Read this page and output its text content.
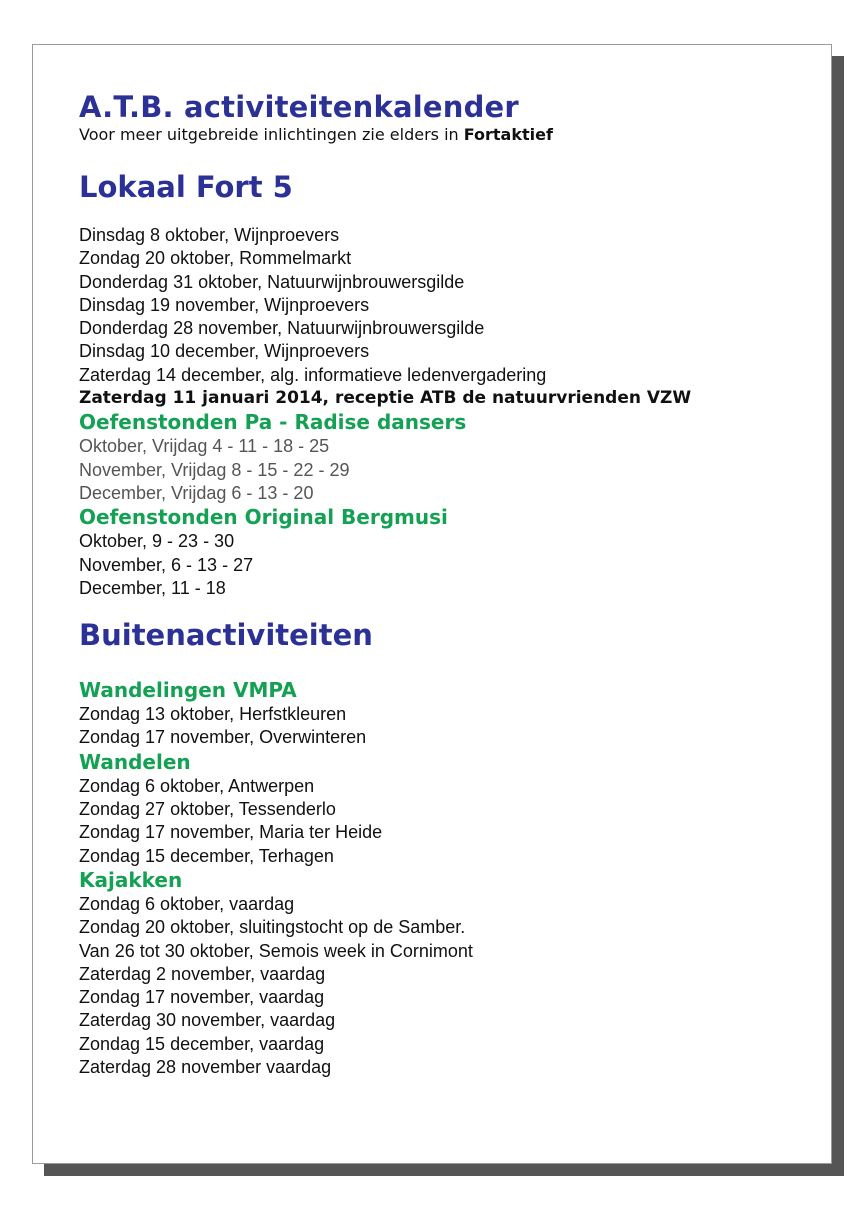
A.T.B. activiteitenkalender

Voor meer uitgebreide inlichtingen zie elders in Fortaktief

Lokaal Fort 5

Dinsdag 8 oktober, Wijnproevers

Zondag 20 oktober, Rommelmarkt

Donderdag 31 oktober, Natuurwijnbrouwersgilde

Dinsdag 19 november, Wijnproevers

Donderdag 28 november, Natuurwijnbrouwersgilde

Dinsdag 10 december, Wijnproevers

Zaterdag 14 december, alg. informatieve ledenvergadering

Zaterdag 11 januari 2014, receptie ATB de natuurvrienden VZW

Oefenstonden Pa - Radise dansers

Oktober, Vrijdag 4 - 11 - 18 - 25

November, Vrijdag 8 - 15 - 22 - 29

December, Vrijdag 6 - 13 - 20

Oefenstonden Original Bergmusi

Oktober, 9 - 23 - 30

November, 6 - 13 - 27

December, 11 - 18

Buitenactiviteiten
Wandelingen VMPA

Zondag 13 oktober, Herfstkleuren

Zondag 17 november, Overwinteren

Wandelen

Zondag 6 oktober, Antwerpen

Zondag 27 oktober, Tessenderlo

Zondag 17 november, Maria ter Heide

Zondag 15 december, Terhagen

Kajakken

Zondag 6 oktober, vaardag

Zondag 20 oktober, sluitingstocht op de Samber.

Van 26 tot 30 oktober, Semois week in Cornimont

Zaterdag 2 november, vaardag

Zondag 17 november, vaardag

Zaterdag 30 november, vaardag

Zondag 15 december, vaardag

Zaterdag 28 november vaardag
